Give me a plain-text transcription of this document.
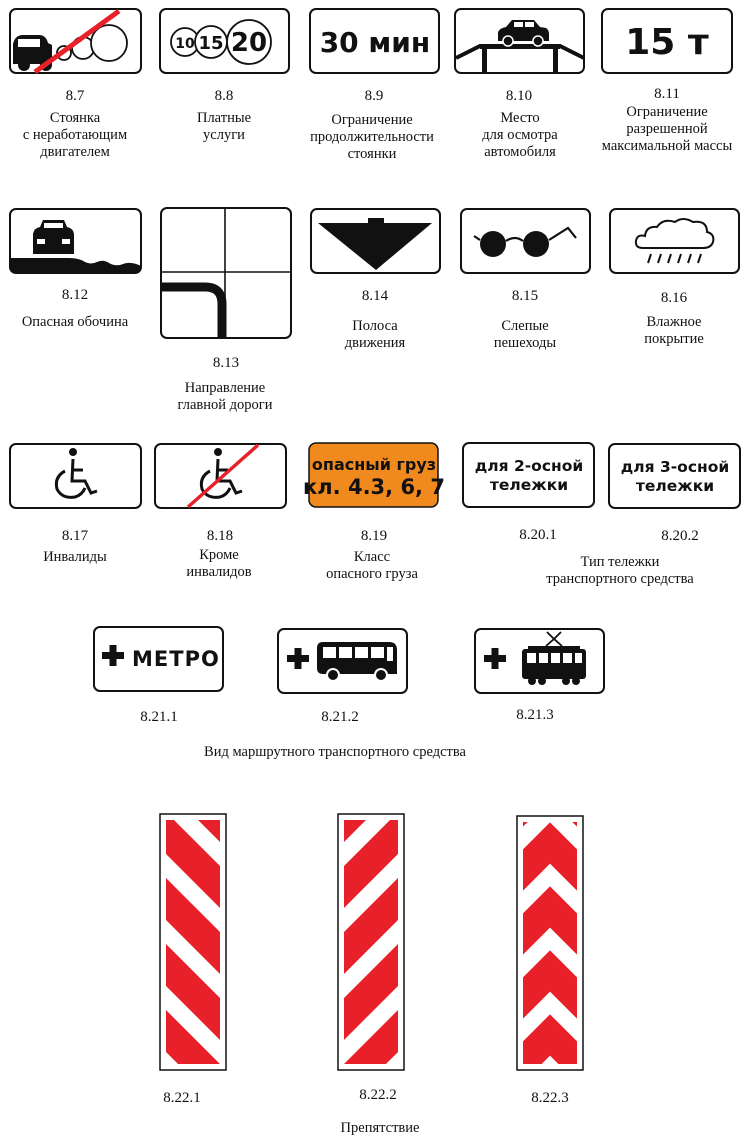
8.7
Стоянка
с неработающим
двигателем
10 15 20
8.8
Платные
услуги
30 мин
8.9
Ограничение
продолжительности
стоянки
8.10
Место
для осмотра
автомобиля
15 т
8.11
Ограничение
разрешенной
максимальной массы
8.12
Опасная обочина
8.13
Направление
главной дороги
8.14
Полоса
движения
8.15
Слепые
пешеходы
8.16
Влажное
покрытие
8.17
Инвалиды
8.18
Кроме
инвалидов
опасный груз
кл. 4.3, 6, 7
8.19
Класс
опасного груза
для 2-осной
тележки
8.20.1
для 3-осной
тележки
8.20.2
Тип тележки
транспортного средства
МЕТРО
8.21.1	8.21.2	8.21.3
Вид маршрутного транспортного средства
8.22.1	8.22.2	8.22.3
Препятствие
